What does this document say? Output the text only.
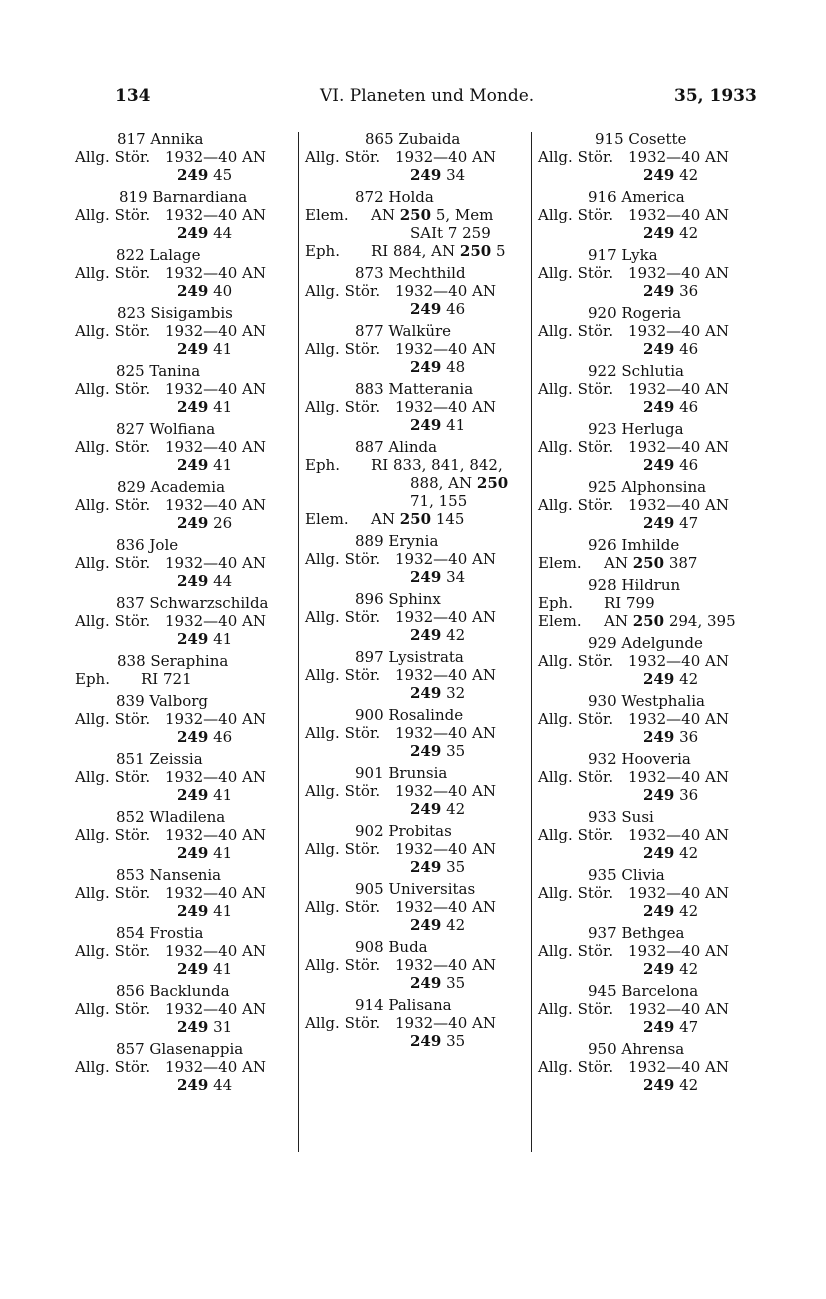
134	VI. Planeten und Monde.	35, 1933
817 Annika
Allg. Stör. 1932—40 AN
249 45
819 Barnardiana
Allg. Stör. 1932—40 AN
249 44
822 Lalage
Allg. Stör. 1932—40 AN
249 40
823 Sisigambis
Allg. Stör. 1932—40 AN
249 41
825 Tanina
Allg. Stör. 1932—40 AN
249 41
827 Wolfiana
Allg. Stör. 1932—40 AN
249 41
829 Academia
Allg. Stör. 1932—40 AN
249 26
836 Jole
Allg. Stör. 1932—40 AN
249 44
837 Schwarzschilda
Allg. Stör. 1932—40 AN
249 41
838 Seraphina
Eph.	RI 721
839 Valborg
Allg. Stör. 1932—40 AN
249 46
851 Zeissia
Allg. Stör. 1932—40 AN
249 41
852 Wladilena
Allg. Stör. 1932—40 AN
249 41
853 Nansenia
Allg. Stör. 1932—40 AN
249 41
854 Frostia
Allg. Stör. 1932—40 AN
249 41
856 Backlunda
Allg. Stör. 1932—40 AN
249 31
857 Glasenappia
Allg. Stör. 1932—40 AN
249 44
865 Zubaida
Allg. Stör. 1932—40 AN
249 34
872 Holda
Elem.	AN 250 5, Mem
SAIt 7 259
Eph.	RI 884, AN 250 5
873 Mechthild
Allg. Stör. 1932—40 AN
249 46
877 Walküre
Allg. Stör. 1932—40 AN
249 48
883 Matterania
Allg. Stör. 1932—40 AN
249 41
887 Alinda
Eph.	RI 833, 841, 842,
888, AN 250
71, 155
Elem.	AN 250 145
889 Erynia
Allg. Stör. 1932—40 AN
249 34
896 Sphinx
Allg. Stör. 1932—40 AN
249 42
897 Lysistrata
Allg. Stör. 1932—40 AN
249 32
900 Rosalinde
Allg. Stör. 1932—40 AN
249 35
901 Brunsia
Allg. Stör. 1932—40 AN
249 42
902 Probitas
Allg. Stör. 1932—40 AN
249 35
905 Universitas
Allg. Stör. 1932—40 AN
249 42
908 Buda
Allg. Stör. 1932—40 AN
249 35
914 Palisana
Allg. Stör. 1932—40 AN
249 35
915 Cosette
Allg. Stör. 1932—40 AN
249 42
916 America
Allg. Stör. 1932—40 AN
249 42
917 Lyka
Allg. Stör. 1932—40 AN
249 36
920 Rogeria
Allg. Stör. 1932—40 AN
249 46
922 Schlutia
Allg. Stör. 1932—40 AN
249 46
923 Herluga
Allg. Stör. 1932—40 AN
249 46
925 Alphonsina
Allg. Stör. 1932—40 AN
249 47
926 Imhilde
Elem.	AN 250 387
928 Hildrun
Eph.	RI 799
Elem.	AN 250 294, 395
929 Adelgunde
Allg. Stör. 1932—40 AN
249 42
930 Westphalia
Allg. Stör. 1932—40 AN
249 36
932 Hooveria
Allg. Stör. 1932—40 AN
249 36
933 Susi
Allg. Stör. 1932—40 AN
249 42
935 Clivia
Allg. Stör. 1932—40 AN
249 42
937 Bethgea
Allg. Stör. 1932—40 AN
249 42
945 Barcelona
Allg. Stör. 1932—40 AN
249 47
950 Ahrensa
Allg. Stör. 1932—40 AN
249 42
